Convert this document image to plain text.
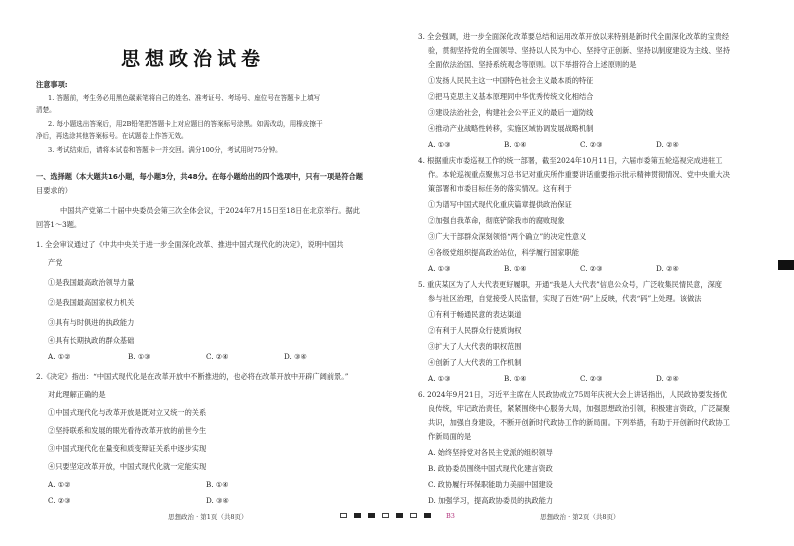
思想政治试卷
注意事项:
1. 答题前，考生务必用黑色碳素笔将自己的姓名、准考证号、考场号、座位号在答题卡上填写
清楚。
2. 每小题选出答案后，用2B铅笔把答题卡上对应题目的答案标号涂黑。如需改动，用橡皮擦干
净后，再选涂其他答案标号。在试题卷上作答无效。
3. 考试结束后，请将本试卷和答题卡一并交回。满分100分，考试用时75分钟。
一、选择题（本大题共16小题，每小题3分，共48分。在每小题给出的四个选项中，只有一项是符合题
目要求的）
中国共产党第二十届中央委员会第三次全体会议，于2024年7月15日至18日在北京举行。据此
回答1～3题。
1. 全会审议通过了《中共中央关于进一步全面深化改革、推进中国式现代化的决定》，说明中国共
产党
①是我国最高政治领导力量
②是我国最高国家权力机关
③具有与时俱进的执政能力
④具有长期执政的群众基础
A. ①②	B. ①③	C. ②④	D. ③④
2.《决定》指出：“中国式现代化是在改革开放中不断推进的，也必将在改革开放中开辟广阔前景。”
对此理解正确的是
①中国式现代化与改革开放是既对立又统一的关系
②坚持联系和发展的眼光看待改革开放的前世今生
③中国式现代化在量变和质变辩证关系中逐步实现
④只要坚定改革开放，中国式现代化就一定能实现
A. ①②	B. ①④
C. ②③	D. ③④
3. 全会强调，进一步全面深化改革要总结和运用改革开放以来特别是新时代全面深化改革的宝贵经
验，贯彻坚持党的全面领导、坚持以人民为中心、坚持守正创新、坚持以制度建设为主线、坚持
全面依法治国、坚持系统观念等原则。以下举措符合上述原则的是
①发扬人民民主这一中国特色社会主义最本质的特征
②把马克思主义基本原理同中华优秀传统文化相结合
③建设法治社会，构建社会公平正义的最后一道防线
④推动产业战略性转移，实施区域协调发展战略机制
A. ①③	B. ①④	C. ②③	D. ②④
4. 根据重庆市委巡视工作的统一部署，截至2024年10月11日，六届市委第五轮巡视完成进驻工
作。本轮巡视重点聚焦习总书记对重庆所作重要讲话重要指示批示精神贯彻情况、党中央重大决
策部署和市委目标任务的落实情况。这有利于
①为谱写中国式现代化重庆篇章提供政治保证
②加强自我革命，彻底铲除我市的腐败现象
③广大干部群众深刻领悟“两个确立”的决定性意义
④各级党组织提高政治站位，科学履行国家职能
A. ①③	B. ①④	C. ②③	D. ②④
5. 重庆某区为了人大代表更好履职，开通“我是人大代表”信息公众号，广泛收集民情民意，深度
参与社区治理，自觉接受人民监督，实现了百姓“码”上反映，代表“码”上处理。该做法
①有利于畅通民意的表达渠道
②有利于人民群众行使质询权
③扩大了人大代表的职权范围
④创新了人大代表的工作机制
A. ①③	B. ①④	C. ②③	D. ②④
6. 2024年9月21日，习近平主席在人民政协成立75周年庆祝大会上讲话指出，人民政协要发扬优
良传统，牢记政治责任，紧紧围绕中心服务大局，加强思想政治引领，积极建言资政，广泛凝聚
共识，加强自身建设，不断开创新时代政协工作的新局面。下列举措，有助于开创新时代政协工
作新局面的是
A. 始终坚持党对各民主党派的组织领导
B. 政协委员围绕中国式现代化建言资政
C. 政协履行环保职能助力美丽中国建设
D. 加强学习，提高政协委员的执政能力
思想政治 · 第1页（共8页）	B3	思想政治 · 第2页（共8页）
